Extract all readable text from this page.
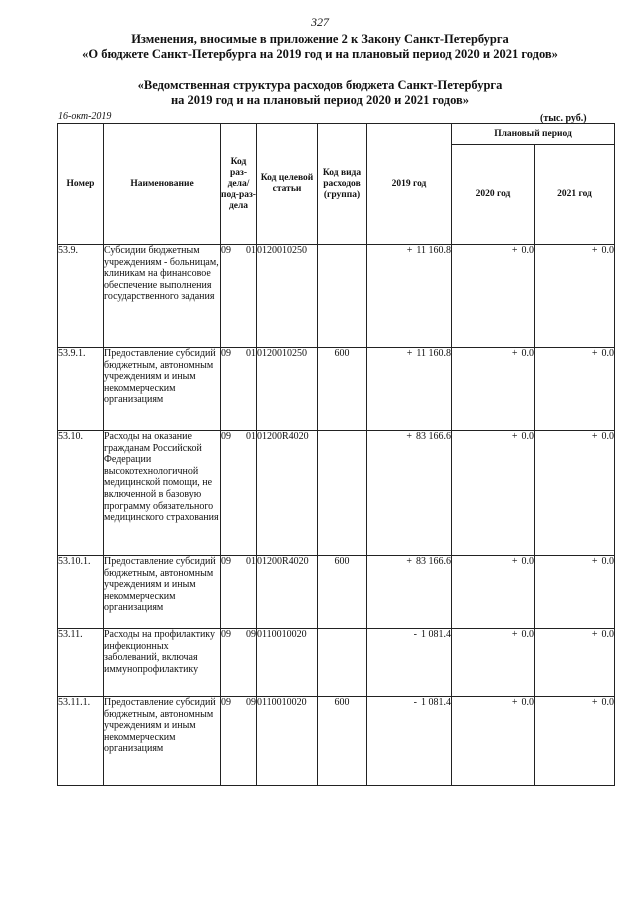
327
Изменения, вносимые в приложение 2 к Закону Санкт-Петербурга
«О бюджете Санкт-Петербурга на 2019 год и на плановый период 2020 и 2021 годов»
«Ведомственная структура расходов бюджета Санкт-Петербурга
на 2019 год и на плановый период 2020 и 2021 годов»
16-окт-2019	(тыс. руб.)
Номер	Наименование	Код раз-дела/ под-раз-дела		Код целевой статьи	Код вида расходов (группа)	2019 год	Плановый период	
							2020 год	2021 год
53.9.	Субсидии бюджетным учреждениям - больницам, клиникам на финансовое обеспечение выполнения государственного задания	09	01	0120010250		+ 11 160.8	+ 0.0	+ 0.0
53.9.1.	Предоставление субсидий бюджетным, автономным учреждениям и иным некоммерческим организациям	09	01	0120010250	600	+ 11 160.8	+ 0.0	+ 0.0
53.10.	Расходы на оказание гражданам Российской Федерации высокотехнологичной медицинской помощи, не включенной в базовую программу обязательного медицинского страхования	09	01	01200R4020		+ 83 166.6	+ 0.0	+ 0.0
53.10.1.	Предоставление субсидий бюджетным, автономным учреждениям и иным некоммерческим организациям	09	01	01200R4020	600	+ 83 166.6	+ 0.0	+ 0.0
53.11.	Расходы на профилактику инфекционных заболеваний, включая иммунопрофилактику	09	09	0110010020		- 1 081.4	+ 0.0	+ 0.0
53.11.1.	Предоставление субсидий бюджетным, автономным учреждениям и иным некоммерческим организациям	09	09	0110010020	600	- 1 081.4	+ 0.0	+ 0.0
